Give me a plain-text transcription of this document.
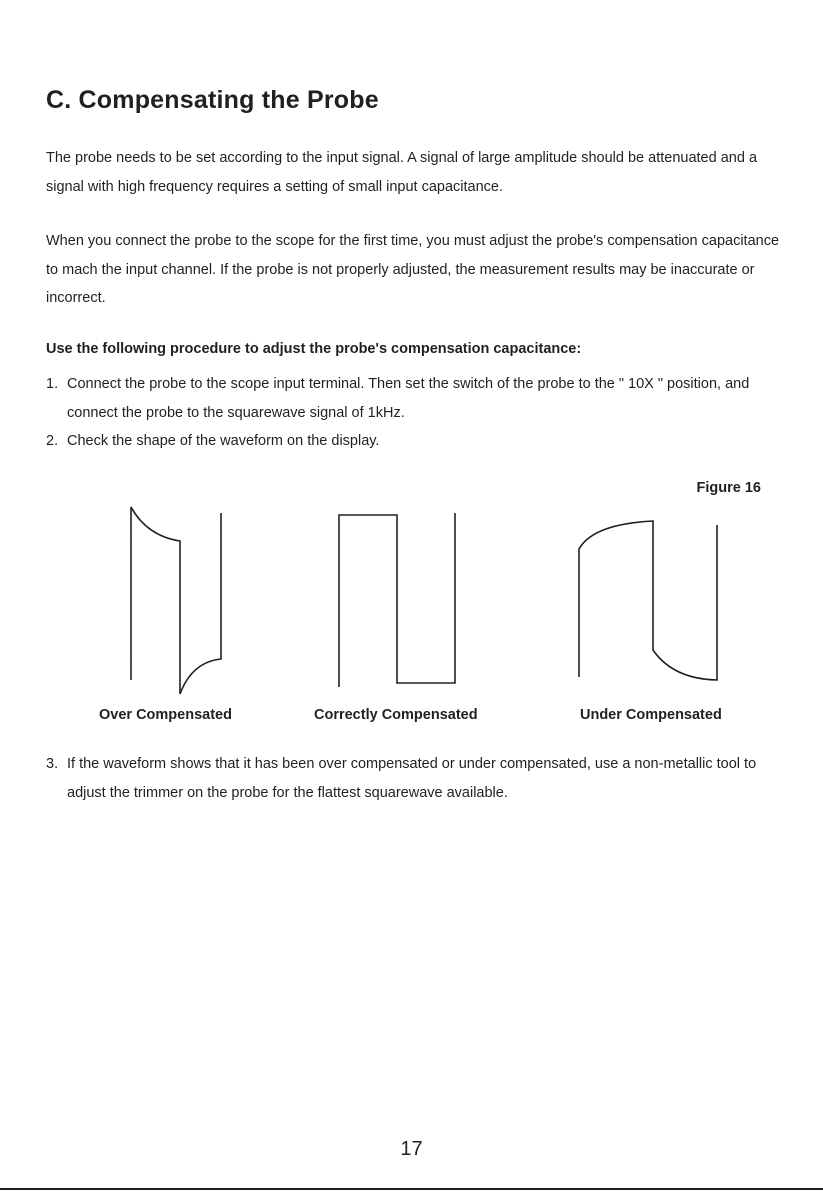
C. Compensating the Probe
The probe needs to be set according to the input signal. A signal of large amplitude should be attenuated and a signal with high frequency requires a setting of small input capacitance.
When you connect the probe to the scope for the first time, you must adjust the probe's compensation capacitance to mach the input channel. If the probe is not properly adjusted, the measurement results may be inaccurate or incorrect.
Use the following procedure to adjust the probe's compensation capacitance:
1. Connect the probe to the scope input terminal. Then set the switch of the probe to the " 10X " position, and connect the probe to the squarewave signal of 1kHz.
2. Check the shape of the waveform on the display.
Figure 16
Over Compensated	Correctly Compensated	Under Compensated
3. If the waveform shows that it has been over compensated or under compensated, use a non-metallic tool to adjust the trimmer on the probe for the flattest squarewave available.
17
